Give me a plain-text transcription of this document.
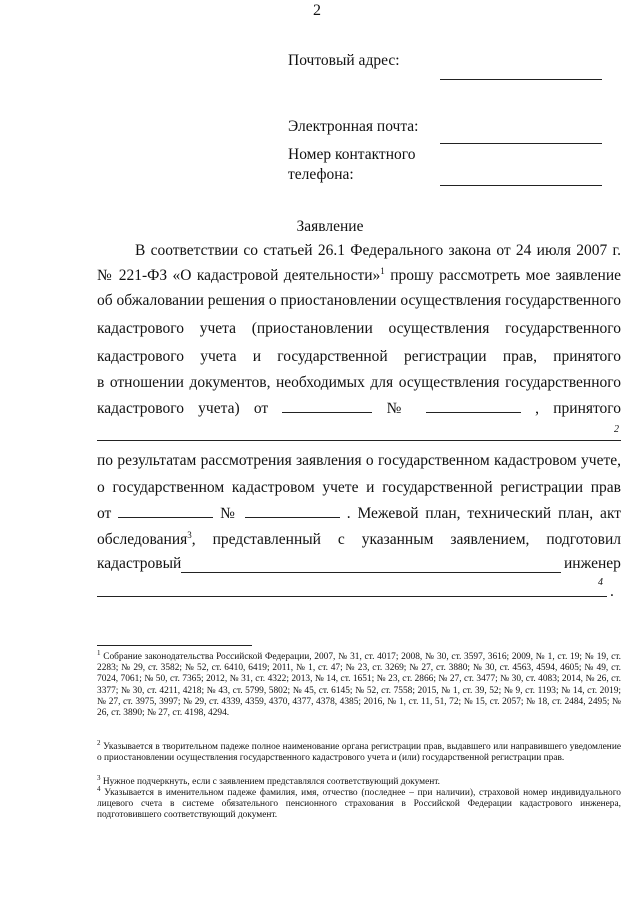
2
Почтовый адрес:
Электронная почта:
Номер контактного
телефона:
Заявление
В соответствии со статьей 26.1 Федерального закона от 24 июля 2007 г.
№ 221-ФЗ «О кадастровой деятельности»$^1$ прошу рассмотреть мое заявление
об обжаловании решения о приостановлении осуществления государственного
кадастрового учета (приостановлении осуществления государственного
кадастрового учета и государственной регистрации прав, принятого
в отношении документов, необходимых для осуществления государственного
кадастрового учета) от	№	, принятого
2
по результатам рассмотрения заявления о государственном кадастровом учете,
о государственном кадастровом учете и государственной регистрации прав
от	№	. Межевой план, технический план, акт
обследования$^3$, представленный с указанным заявлением, подготовил
кадастровый	инженер
4
.
$^1$ Собрание законодательства Российской Федерации, 2007, № 31, ст. 4017; 2008, № 30, ст. 3597, 3616; 2009, № 1, ст. 19; № 19, ст. 2283; № 29, ст. 3582; № 52, ст. 6410, 6419; 2011, № 1, ст. 47; № 23, ст. 3269; № 27, ст. 3880; № 30, ст. 4563, 4594, 4605; № 49, ст. 7024, 7061; № 50, ст. 7365; 2012, № 31, ст. 4322; 2013, № 14, ст. 1651; № 23, ст. 2866; № 27, ст. 3477; № 30, ст. 4083; 2014, № 26, ст. 3377; № 30, ст. 4211, 4218; № 43, ст. 5799, 5802; № 45, ст. 6145; № 52, ст. 7558; 2015, № 1, ст. 39, 52; № 9, ст. 1193; № 14, ст. 2019; № 27, ст. 3975, 3997; № 29, ст. 4339, 4359, 4370, 4377, 4378, 4385; 2016, № 1, ст. 11, 51, 72; № 15, ст. 2057; № 18, ст. 2484, 2495; № 26, ст. 3890; № 27, ст. 4198, 4294.
$^2$ Указывается в творительном падеже полное наименование органа регистрации прав, выдавшего или направившего уведомление о приостановлении осуществления государственного кадастрового учета и (или) государственной регистрации прав.
$^3$ Нужное подчеркнуть, если с заявлением представлялся соответствующий документ.
$^4$ Указывается в именительном падеже фамилия, имя, отчество (последнее – при наличии), страховой номер индивидуального лицевого счета в системе обязательного пенсионного страхования в Российской Федерации кадастрового инженера, подготовившего соответствующий документ.
